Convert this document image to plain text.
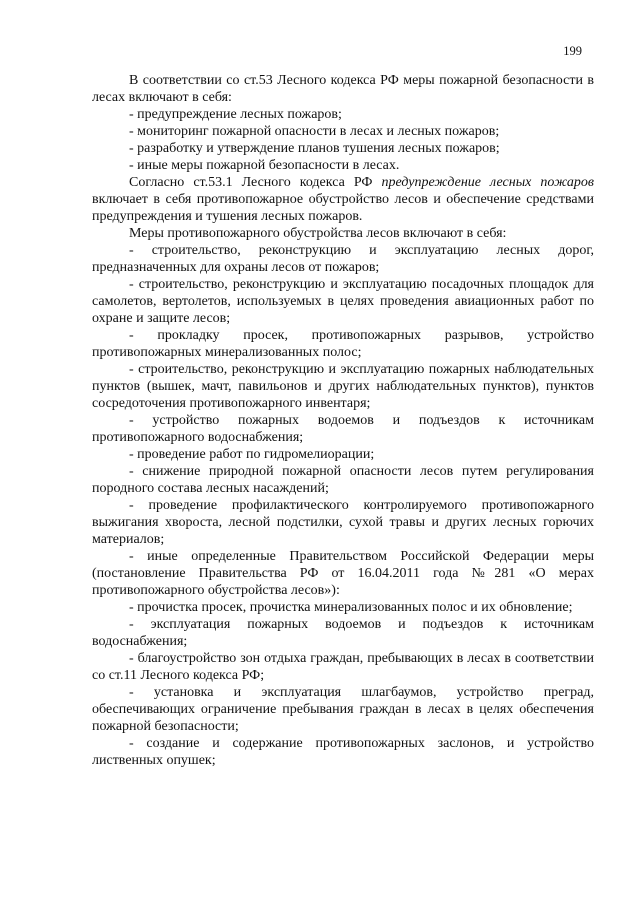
199

В соответствии со ст.53 Лесного кодекса РФ меры пожарной безопасности в лесах включают в себя:

- предупреждение лесных пожаров;

- мониторинг пожарной опасности в лесах и лесных пожаров;

- разработку и утверждение планов тушения лесных пожаров;

- иные меры пожарной безопасности в лесах.

Согласно ст.53.1 Лесного кодекса РФ предупреждение лесных пожаров включает в себя противопожарное обустройство лесов и обеспечение средствами предупреждения и тушения лесных пожаров.

Меры противопожарного обустройства лесов включают в себя:

- строительство, реконструкцию и эксплуатацию лесных дорог, предназначенных для охраны лесов от пожаров;

- строительство, реконструкцию и эксплуатацию посадочных площадок для самолетов, вертолетов, используемых в целях проведения авиационных работ по охране и защите лесов;

- прокладку просек, противопожарных разрывов, устройство противопожарных минерализованных полос;

- строительство, реконструкцию и эксплуатацию пожарных наблюдательных пунктов (вышек, мачт, павильонов и других наблюдательных пунктов), пунктов сосредоточения противопожарного инвентаря;

- устройство пожарных водоемов и подъездов к источникам противопожарного водоснабжения;

- проведение работ по гидромелиорации;

- снижение природной пожарной опасности лесов путем регулирования породного состава лесных насаждений;

- проведение профилактического контролируемого противопожарного выжигания хвороста, лесной подстилки, сухой травы и других лесных горючих материалов;

- иные определенные Правительством Российской Федерации меры (постановление Правительства РФ от 16.04.2011 года №281 «О мерах противопожарного обустройства лесов»):

- прочистка просек, прочистка минерализованных полос и их обновление;

- эксплуатация пожарных водоемов и подъездов к источникам водоснабжения;

- благоустройство зон отдыха граждан, пребывающих в лесах в соответствии со ст.11 Лесного кодекса РФ;

- установка и эксплуатация шлагбаумов, устройство преград, обеспечивающих ограничение пребывания граждан в лесах в целях обеспечения пожарной безопасности;

- создание и содержание противопожарных заслонов, и устройство лиственных опушек;
